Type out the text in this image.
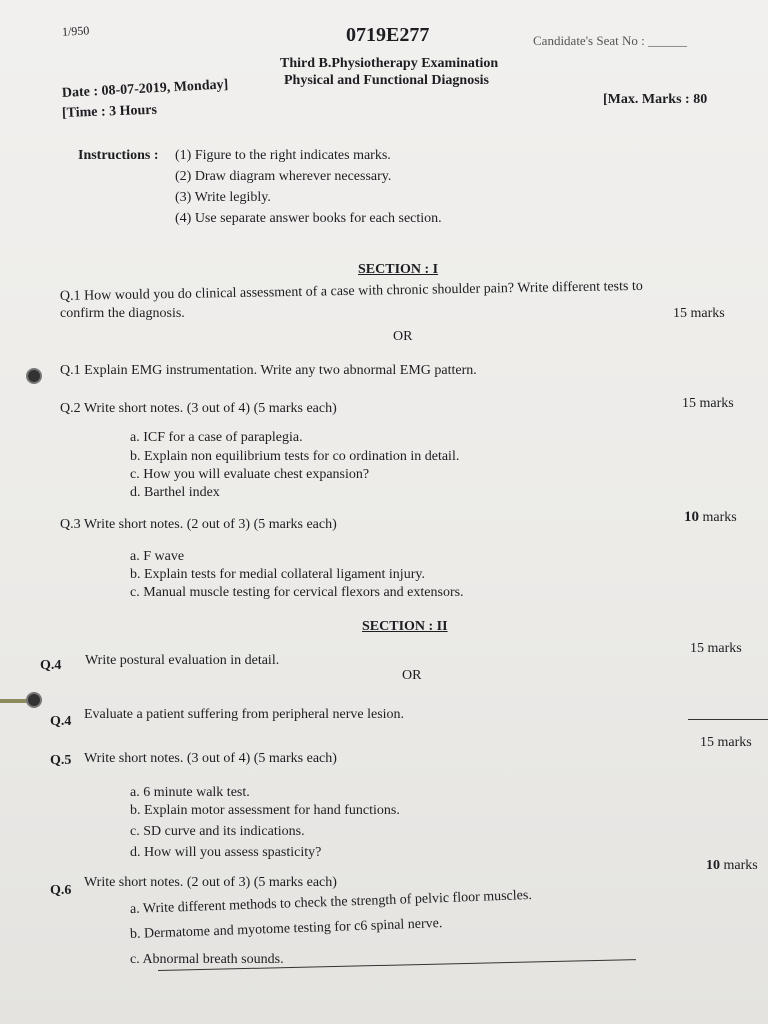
1/950	0719E277	Candidate's Seat No : ______
Third B.Physiotherapy Examination
Physical and Functional Diagnosis
Date : 08-07-2019, Monday]
[Time : 3 Hours
[Max. Marks : 80
Instructions : (1) Figure to the right indicates marks.
(2) Draw diagram wherever necessary.
(3) Write legibly.
(4) Use separate answer books for each section.
SECTION : I
Q.1 How would you do clinical assessment of a case with chronic shoulder pain? Write different tests to
confirm the diagnosis.	15 marks
OR
Q.1 Explain EMG instrumentation. Write any two abnormal EMG pattern.
Q.2 Write short notes. (3 out of 4) (5 marks each)	15 marks
a. ICF for a case of paraplegia.
b. Explain non equilibrium tests for co ordination in detail.
c. How you will evaluate chest expansion?
d. Barthel index
Q.3 Write short notes. (2 out of 3) (5 marks each)	10 marks
a. F wave
b. Explain tests for medial collateral ligament injury.
c. Manual muscle testing for cervical flexors and extensors.
SECTION : II
Q.4 Write postural evaluation in detail.
15 marks
OR
Q.4 Evaluate a patient suffering from peripheral nerve lesion.
Q.5 Write short notes. (3 out of 4) (5 marks each)
15 marks
a. 6 minute walk test.
b. Explain motor assessment for hand functions.
c. SD curve and its indications.
d. How will you assess spasticity?
Q.6
Write short notes. (2 out of 3) (5 marks each)
10 marks
a. Write different methods to check the strength of pelvic floor muscles.
b. Dermatome and myotome testing for c6 spinal nerve.
c. Abnormal breath sounds.
